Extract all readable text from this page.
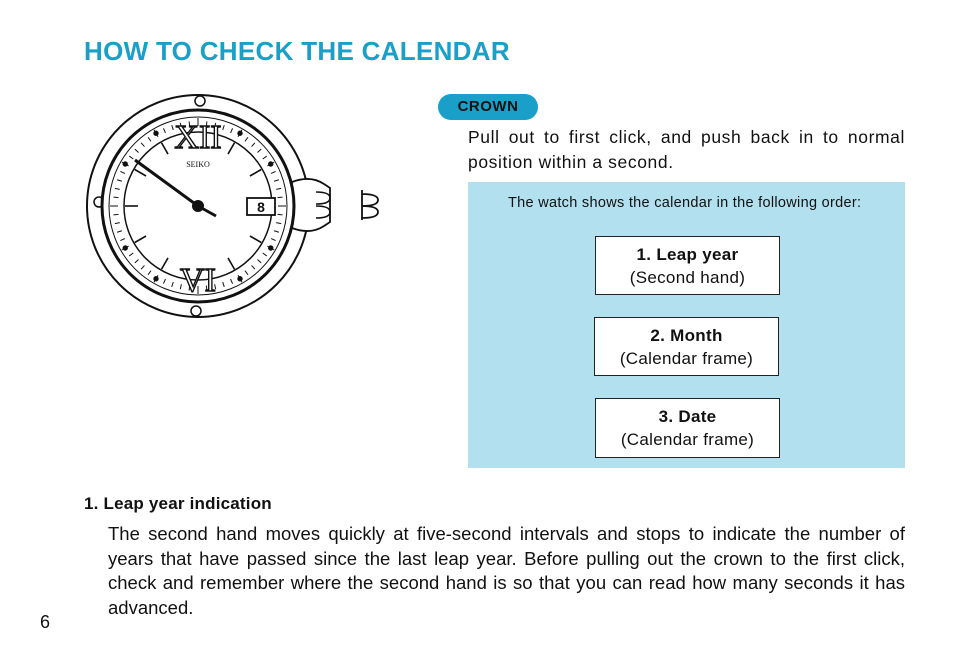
HOW TO CHECK THE CALENDAR
XII
SEIKO
VI
8
CROWN
Pull out to first click, and push back in to normal position within a second.
The watch shows the calendar in the following order:
1. Leap year
(Second hand)
2. Month
(Calendar frame)
3. Date
(Calendar frame)
1. Leap year indication
The second hand moves quickly at five-second intervals and stops to indicate the number of years that have passed since the last leap year. Before pulling out the crown to the first click, check and remember where the second hand is so that you can read how many seconds it has advanced.
6
